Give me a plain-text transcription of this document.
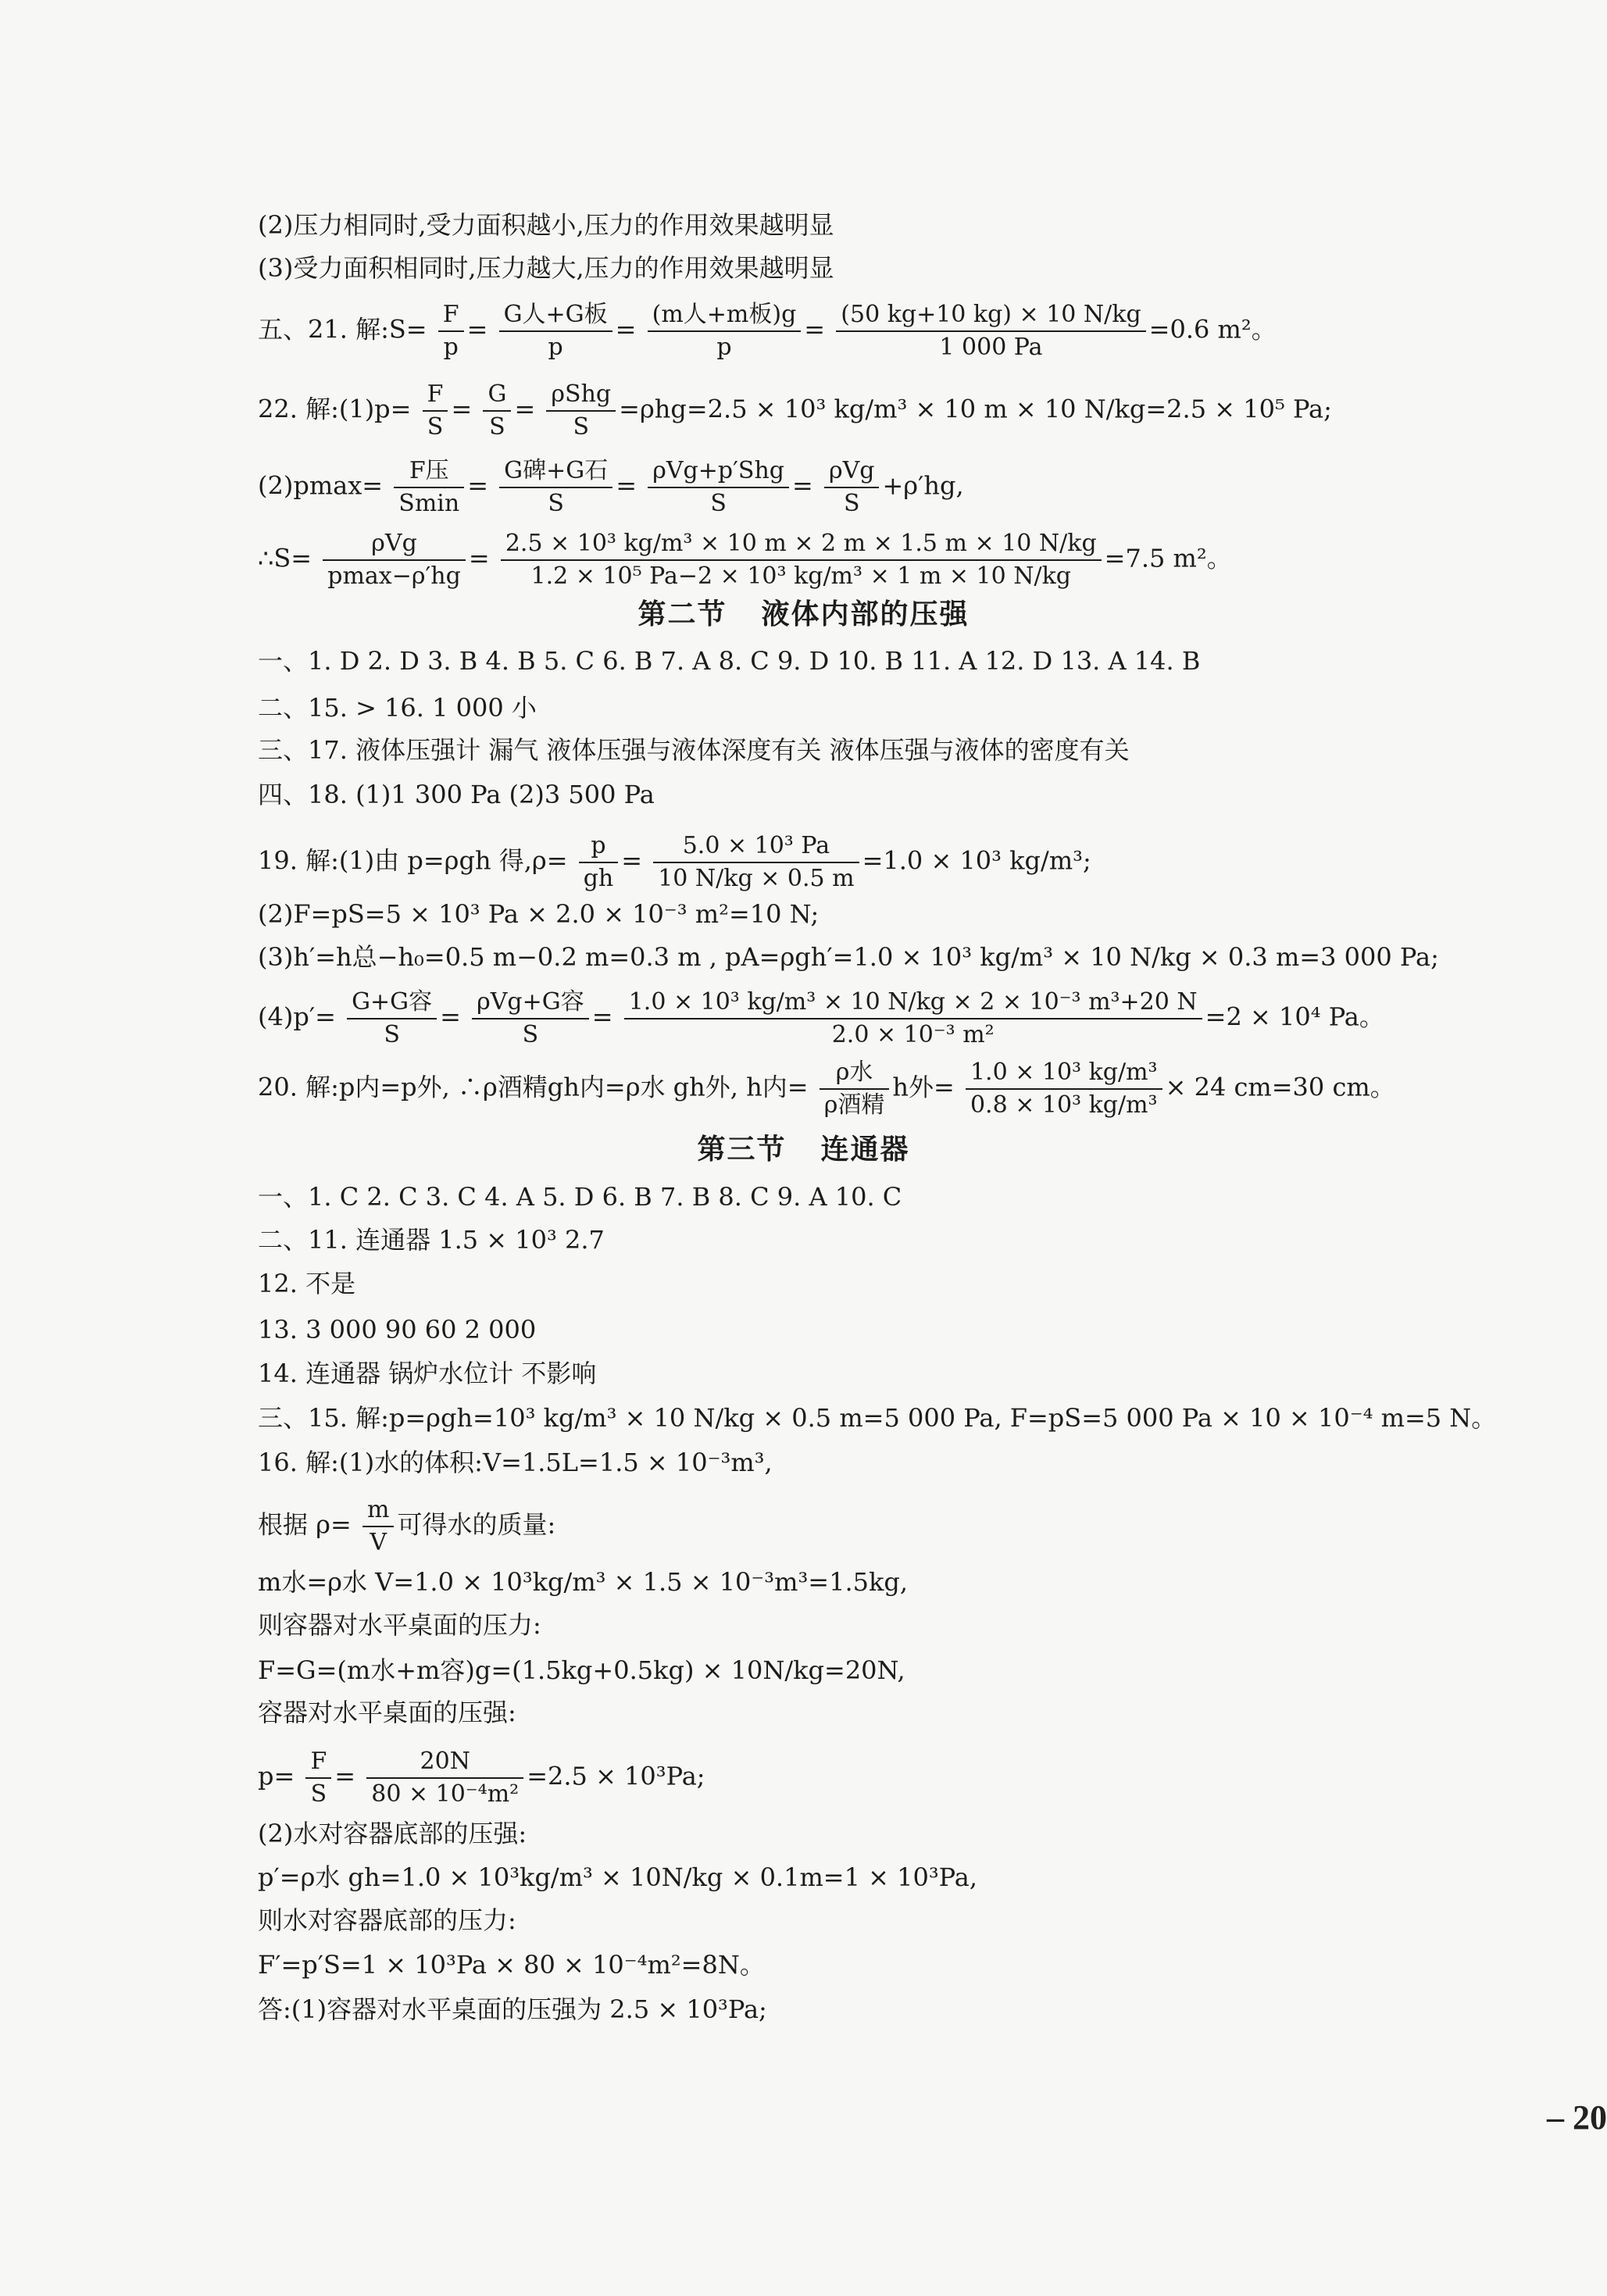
(2)压力相同时,受力面积越小,压力的作用效果越明显
(3)受力面积相同时,压力越大,压力的作用效果越明显
五、21. 解:S= $\frac{F}{p} = \frac{\text{G人+G板}}{p} = \frac{\text{(m人+m板)g}}{p} = \frac{(50 kg+10 kg) \times 10 N/kg}{1 000 Pa} =0.6$ m²。
22. 解:(1)p= $\frac{F}{S} = \frac{G}{S} = \frac{\text{ρShg}}{S} =\rho hg=2.5 \times 10^3$ kg/m³ × 10 m × 10 N/kg=2.5 × 10⁵ Pa;
$(2)pmax= \frac{\text{F压}}{Smin} = \frac{\text{G碑+G石}}{S} = \frac{\text{ρVg+p′Shg}}{S} = \frac{\text{ρVg}}{S} +\rho'hg$,
∴S= $\frac{\text{ρVg}}{pmax-\rho'hg} = \frac{\text{2.5 × 10³ kg/m³ × 10 m × 2 m × 1.5 m × 10 N/kg}}{\text{1.2 × 10⁵ Pa−2 × 10³ kg/m³ × 1 m × 10 N/kg}} =7.5$ m²。
第二节 液体内部的压强
一、1. D 2. D 3. B 4. B 5. C 6. B 7. A 8. C 9. D 10. B 11. A 12. D 13. A 14. B
二、15. > 16. 1 000 小
三、17. 液体压强计 漏气 液体压强与液体深度有关 液体压强与液体的密度有关
四、18. (1)1 300 Pa (2)3 500 Pa
19. 解:(1)由 p=ρgh 得$,\rho= \frac{p}{gh} = \frac{\text{5.0 × 10³ Pa}}{10 N/kg \times 0.5 m} =1.0 \times 10^3$ kg/m³;
(2)F=pS=5 × 10³ Pa × 2.0 × 10⁻³ m²=10 N;
(3)h′=h总−h₀=0.5 m−0.2 m=0.3 m , pA=ρgh′=1.0 × 10³ kg/m³ × 10 N/kg × 0.3 m=3 000 Pa;
$(4)p'= \frac{\text{G+G容}}{S} = \frac{\text{ρVg+G容}}{S} = \frac{\text{1.0 × 10³ kg/m³ × 10 N/kg × 2 × 10⁻³ m³+20 N}}{\text{2.0 × 10⁻³ m²}} =2 \times 10^4$ Pa。
20. 解:p内=p外, ∴ρ酒精gh内=ρ水 gh外, h内= $\frac{\text{ρ水}}{\text{ρ酒精}}$ h外= $\frac{\text{1.0 × 10³ kg/m³}}{\text{0.8 × 10³ kg/m³}} \times 24$ cm=30 cm。
第三节 连通器
一、1. C 2. C 3. C 4. A 5. D 6. B 7. B 8. C 9. A 10. C
二、11. 连通器 1.5 × 10³ 2.7
12. 不是
13. 3 000 90 60 2 000
14. 连通器 锅炉水位计 不影响
三、15. 解:p=ρgh=10³ kg/m³ × 10 N/kg × 0.5 m=5 000 Pa, F=pS=5 000 Pa × 10 × 10⁻⁴ m=5 N。
16. 解:(1)水的体积:V=1.5L=1.5 × 10⁻³m³,
根据 $\rho= \frac{m}{V}$ 可得水的质量:
m水=ρ水 V=1.0 × 10³kg/m³ × 1.5 × 10⁻³m³=1.5kg,
则容器对水平桌面的压力:
F=G=(m水+m容)g=(1.5kg+0.5kg) × 10N/kg=20N,
容器对水平桌面的压强:
$p= \frac{F}{S} = \frac{20N}{\text{80 × 10⁻⁴m²}} =2.5 \times 10^3Pa$;
(2)水对容器底部的压强:
p′=ρ水 gh=1.0 × 10³kg/m³ × 10N/kg × 0.1m=1 × 10³Pa,
则水对容器底部的压力:
F′=p′S=1 × 10³Pa × 80 × 10⁻⁴m²=8N。
答:(1)容器对水平桌面的压强为 2.5 × 10³Pa;
– 20
